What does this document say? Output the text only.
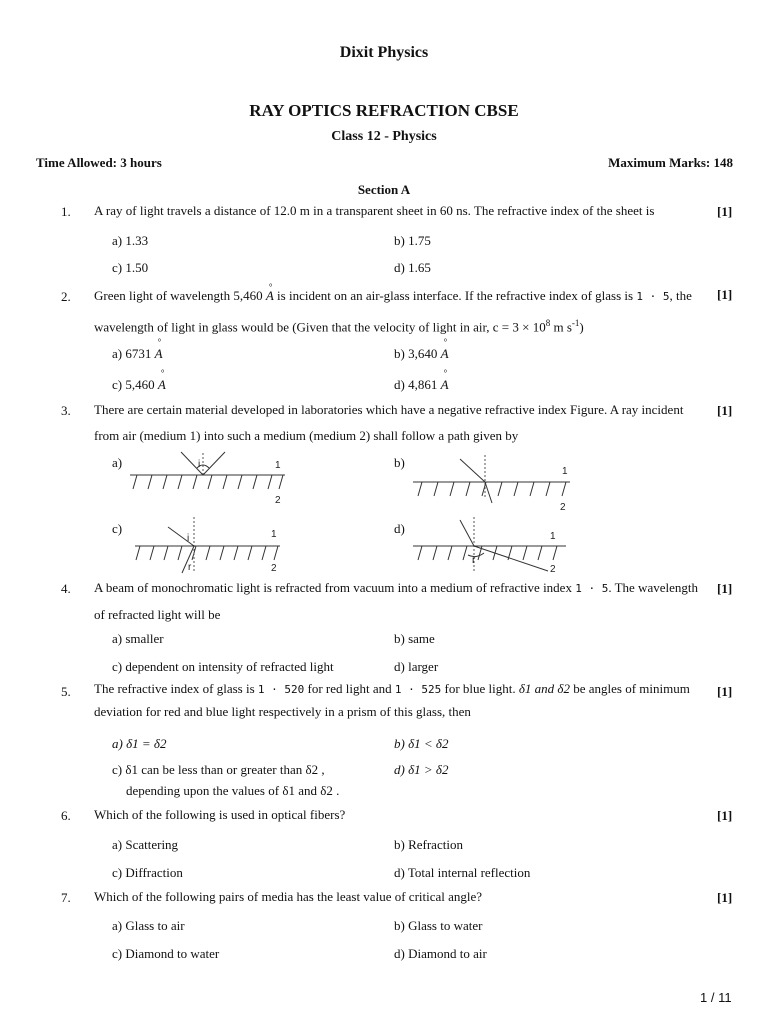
Dixit Physics
RAY OPTICS REFRACTION CBSE
Class 12 - Physics
Time Allowed: 3 hours	Maximum Marks: 148
Section A
1. A ray of light travels a distance of 12.0 m in a transparent sheet in 60 ns. The refractive index of the sheet is	[1]
a) 1.33	b) 1.75
c) 1.50	d) 1.65
2. Green light of wavelength 5,460 ° A is incident on an air-glass interface. If the refractive index of glass is 1 · 5, the wavelength of light in glass would be (Given that the velocity of light in air, $c = 3 \times 10^8$ m $s^{-1}$)
[1]
a) 6731 ° A	b) 3,640 ° A
c) 5,460 ° A	d) 4,861 ° A
3. There are certain material developed in laboratories which have a negative refractive index Figure. A ray incident from air (medium 1) into such a medium (medium 2) shall follow a path given by
[1]
a)	b)
c)	d)
i	1
2
1
2
i
r
1
2
r
1
2
4. A beam of monochromatic light is refracted from vacuum into a medium of refractive index 1 · 5. The wavelength of refracted light will be
[1]
a) smaller	b) same
c) dependent on intensity of refracted light	d) larger
5. The refractive index of glass is 1 · 520 for red light and 1 · 525 for blue light. δ1 and δ2 be angles of minimum deviation for red and blue light respectively in a prism of this glass, then
[1]
a) δ1 = δ2	b) δ1 < δ2
c) δ1 can be less than or greater than δ2 ,
depending upon the values of δ1 and δ2 .
d) δ1 > δ2
6. Which of the following is used in optical fibers?	[1]
a) Scattering	b) Refraction
c) Diffraction	d) Total internal reflection
7. Which of the following pairs of media has the least value of critical angle?	[1]
a) Glass to air	b) Glass to water
c) Diamond to water	d) Diamond to air
1 / 11
